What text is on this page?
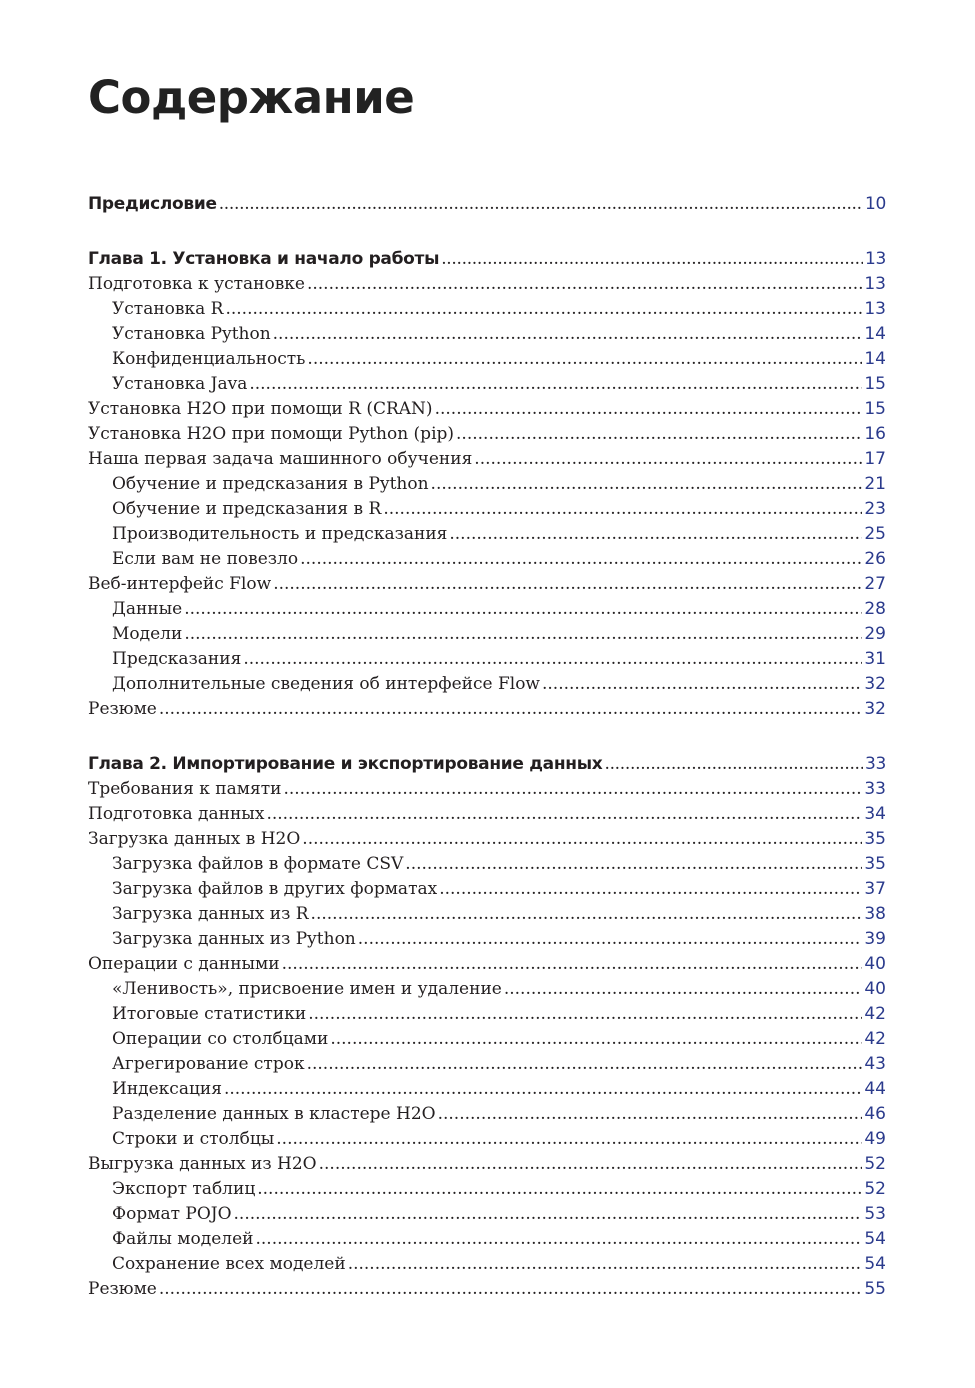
Содержание
Предисловие .....	10
Глава 1. Установка и начало работы .....	13
Подготовка к установке .....	13
Установка R .....	13
Установка Python .....	14
Конфиденциальность .....	14
Установка Java .....	15
Установка H2O при помощи R (CRAN) .....	15
Установка H2O при помощи Python (pip) .....	16
Наша первая задача машинного обучения .....	17
Обучение и предсказания в Python .....	21
Обучение и предсказания в R .....	23
Производительность и предсказания .....	25
Если вам не повезло .....	26
Веб-интерфейс Flow .....	27
Данные .....	28
Модели .....	29
Предсказания .....	31
Дополнительные сведения об интерфейсе Flow .....	32
Резюме .....	32
Глава 2. Импортирование и экспортирование данных .....	33
Требования к памяти .....	33
Подготовка данных .....	34
Загрузка данных в H2O .....	35
Загрузка файлов в формате CSV .....	35
Загрузка файлов в других форматах .....	37
Загрузка данных из R .....	38
Загрузка данных из Python .....	39
Операции с данными .....	40
«Ленивость», присвоение имен и удаление .....	40
Итоговые статистики .....	42
Операции со столбцами .....	42
Агрегирование строк .....	43
Индексация .....	44
Разделение данных в кластере H2O .....	46
Строки и столбцы .....	49
Выгрузка данных из H2O .....	52
Экспорт таблиц .....	52
Формат POJO .....	53
Файлы моделей .....	54
Сохранение всех моделей .....	54
Резюме .....	55
